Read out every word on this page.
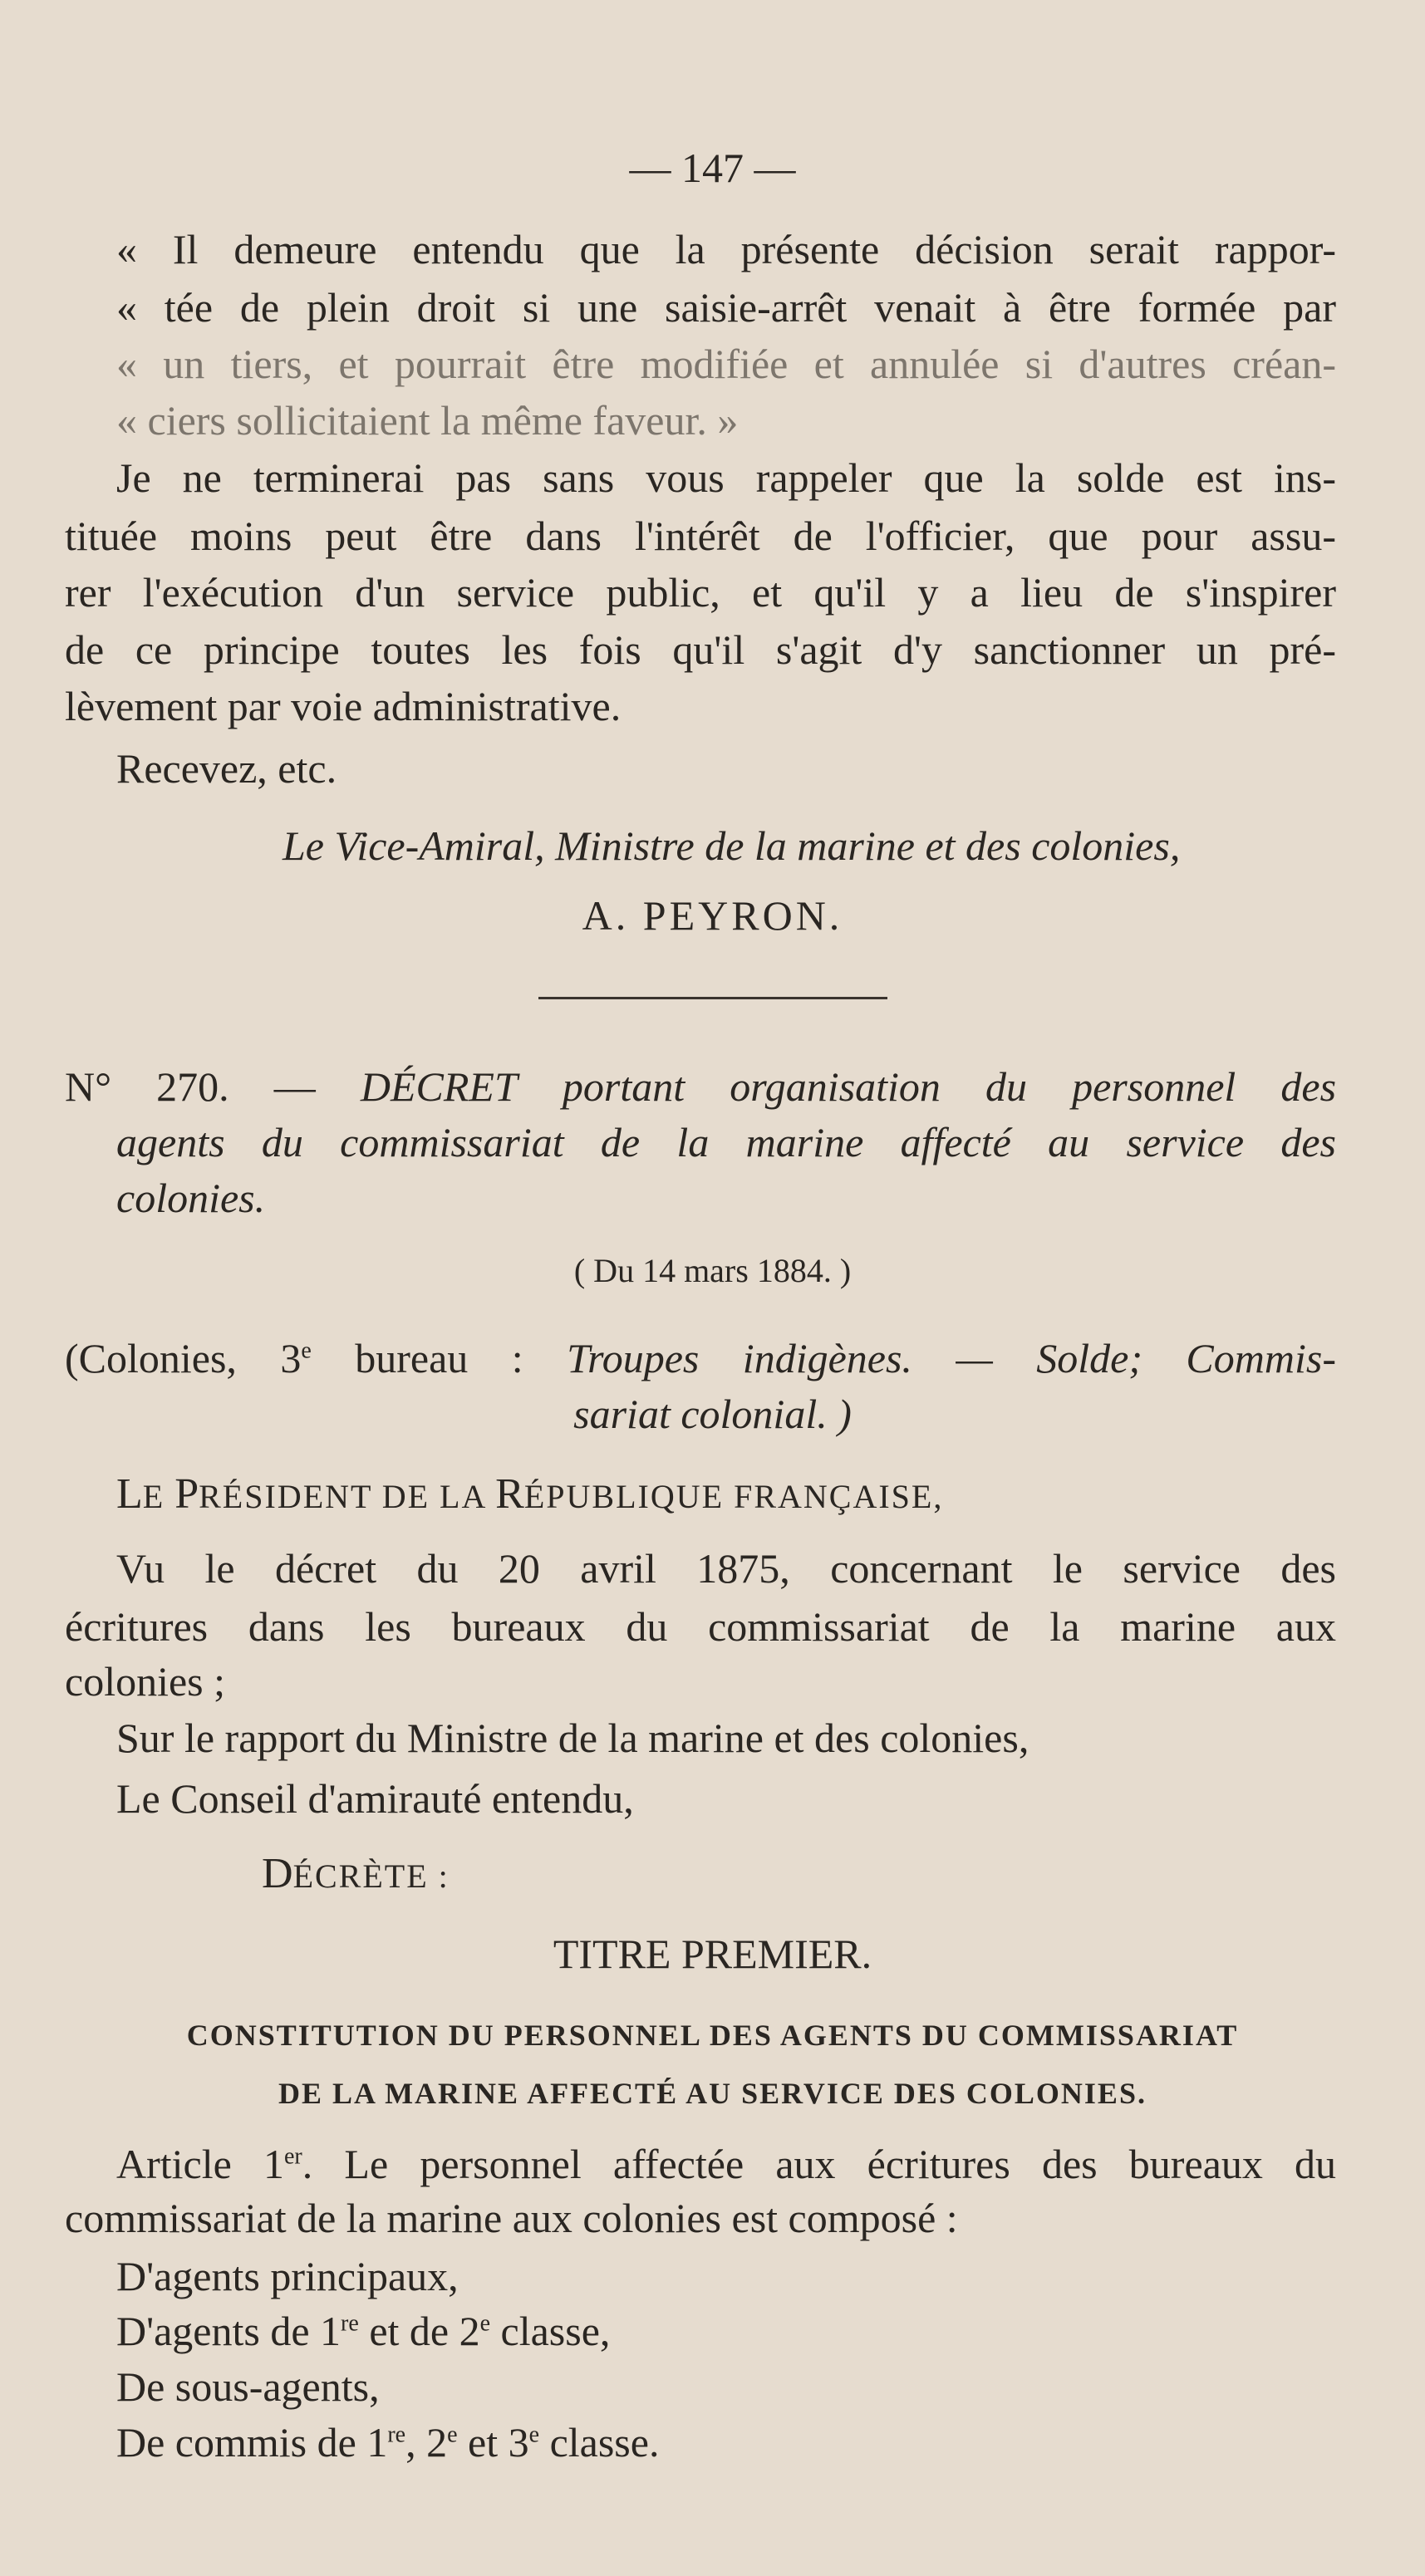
— 147 —
« Il demeure entendu que la présente décision serait rappor-
« tée de plein droit si une saisie-arrêt venait à être formée par
« un tiers, et pourrait être modifiée et annulée si d'autres créan-
« ciers sollicitaient la même faveur. »
Je ne terminerai pas sans vous rappeler que la solde est ins-
tituée moins peut être dans l'intérêt de l'officier, que pour assu-
rer l'exécution d'un service public, et qu'il y a lieu de s'inspirer
de ce principe toutes les fois qu'il s'agit d'y sanctionner un pré-
lèvement par voie administrative.
Recevez, etc.
Le Vice-Amiral, Ministre de la marine et des colonies,
A. PEYRON.
N° 270. — DÉCRET portant organisation du personnel des
agents du commissariat de la marine affecté au service des
colonies.
( Du 14 mars 1884. )
(Colonies, 3e bureau : Troupes indigènes. — Solde; Commis-
sariat colonial. )
LE PRÉSIDENT DE LA RÉPUBLIQUE FRANÇAISE,
Vu le décret du 20 avril 1875, concernant le service des
écritures dans les bureaux du commissariat de la marine aux
colonies ;
Sur le rapport du Ministre de la marine et des colonies,
Le Conseil d'amirauté entendu,
DÉCRÈTE :
TITRE PREMIER.
CONSTITUTION DU PERSONNEL DES AGENTS DU COMMISSARIAT
DE LA MARINE AFFECTÉ AU SERVICE DES COLONIES.
Article 1er. Le personnel affectée aux écritures des bureaux du
commissariat de la marine aux colonies est composé :
D'agents principaux,
D'agents de 1re et de 2e classe,
De sous-agents,
De commis de 1re, 2e et 3e classe.
